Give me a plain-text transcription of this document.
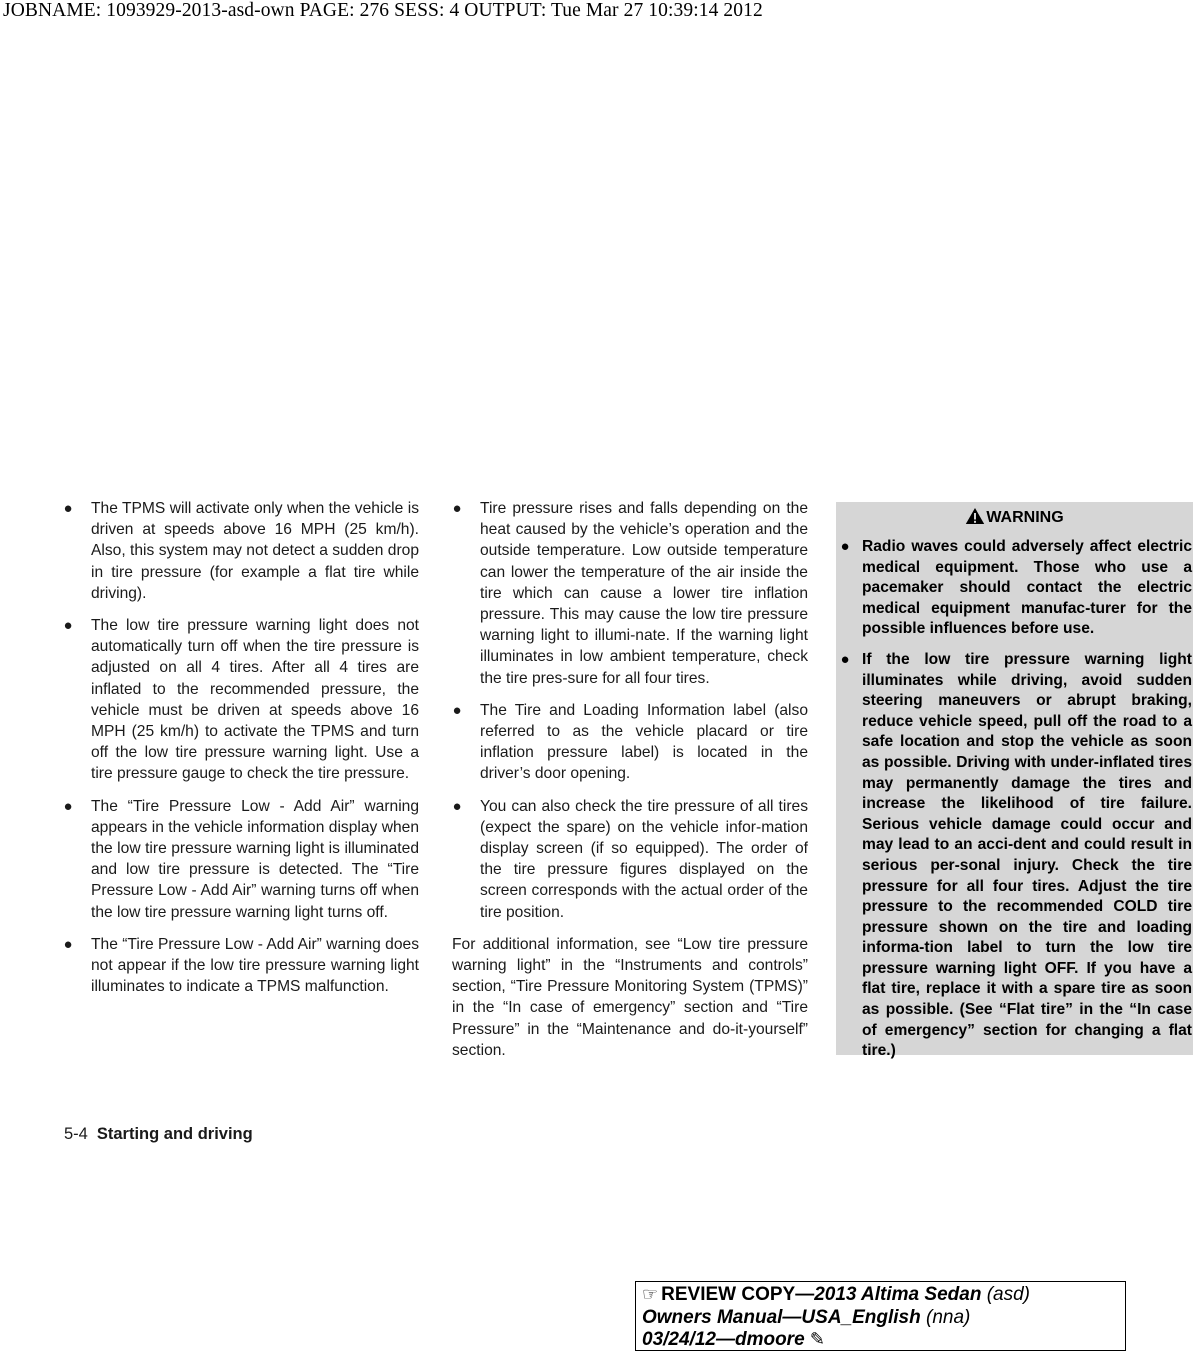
JOBNAME: 1093929-2013-asd-own PAGE: 276 SESS: 4 OUTPUT: Tue Mar 27 10:39:14 2012
● The TPMS will activate only when the vehicle is driven at speeds above 16 MPH (25 km/h). Also, this system may not detect a sudden drop in tire pressure (for example a flat tire while driving).
● The low tire pressure warning light does not automatically turn off when the tire pressure is adjusted on all 4 tires. After all 4 tires are inflated to the recommended pressure, the vehicle must be driven at speeds above 16 MPH (25 km/h) to activate the TPMS and turn off the low tire pressure warning light. Use a tire pressure gauge to check the tire pressure.
● The “Tire Pressure Low - Add Air” warning appears in the vehicle information display when the low tire pressure warning light is illuminated and low tire pressure is detected. The “Tire Pressure Low - Add Air” warning turns off when the low tire pressure warning light turns off.
● The “Tire Pressure Low - Add Air” warning does not appear if the low tire pressure warning light illuminates to indicate a TPMS malfunction.
● Tire pressure rises and falls depending on the heat caused by the vehicle’s operation and the outside temperature. Low outside temperature can lower the temperature of the air inside the tire which can cause a lower tire inflation pressure. This may cause the low tire pressure warning light to illumi-nate. If the warning light illuminates in low ambient temperature, check the tire pres-sure for all four tires.
● The Tire and Loading Information label (also referred to as the vehicle placard or tire inflation pressure label) is located in the driver’s door opening.
● You can also check the tire pressure of all tires (expect the spare) on the vehicle infor-mation display screen (if so equipped). The order of the tire pressure figures displayed on the screen corresponds with the actual order of the tire position.

For additional information, see “Low tire pressure warning light” in the “Instruments and controls” section, “Tire Pressure Monitoring System (TPMS)” in the “In case of emergency” section and “Tire Pressure” in the “Maintenance and do-it-yourself” section.

WARNING
● Radio waves could adversely affect electric medical equipment. Those who use a pacemaker should contact the electric medical equipment manufac-turer for the possible influences before use.
● If the low tire pressure warning light illuminates while driving, avoid sudden steering maneuvers or abrupt braking, reduce vehicle speed, pull off the road to a safe location and stop the vehicle as soon as possible. Driving with under-inflated tires may permanently damage the tires and increase the likelihood of tire failure. Serious vehicle damage could occur and may lead to an acci-dent and could result in serious per-sonal injury. Check the tire pressure for all four tires. Adjust the tire pressure to the recommended COLD tire pressure shown on the tire and loading informa-tion label to turn the low tire pressure warning light OFF. If you have a flat tire, replace it with a spare tire as soon as possible. (See “Flat tire” in the “In case of emergency” section for changing a flat tire.)
5-4 Starting and driving
☞ REVIEW COPY—2013 Altima Sedan (asd)
Owners Manual—USA_English (nna)
03/24/12—dmoore ✎
